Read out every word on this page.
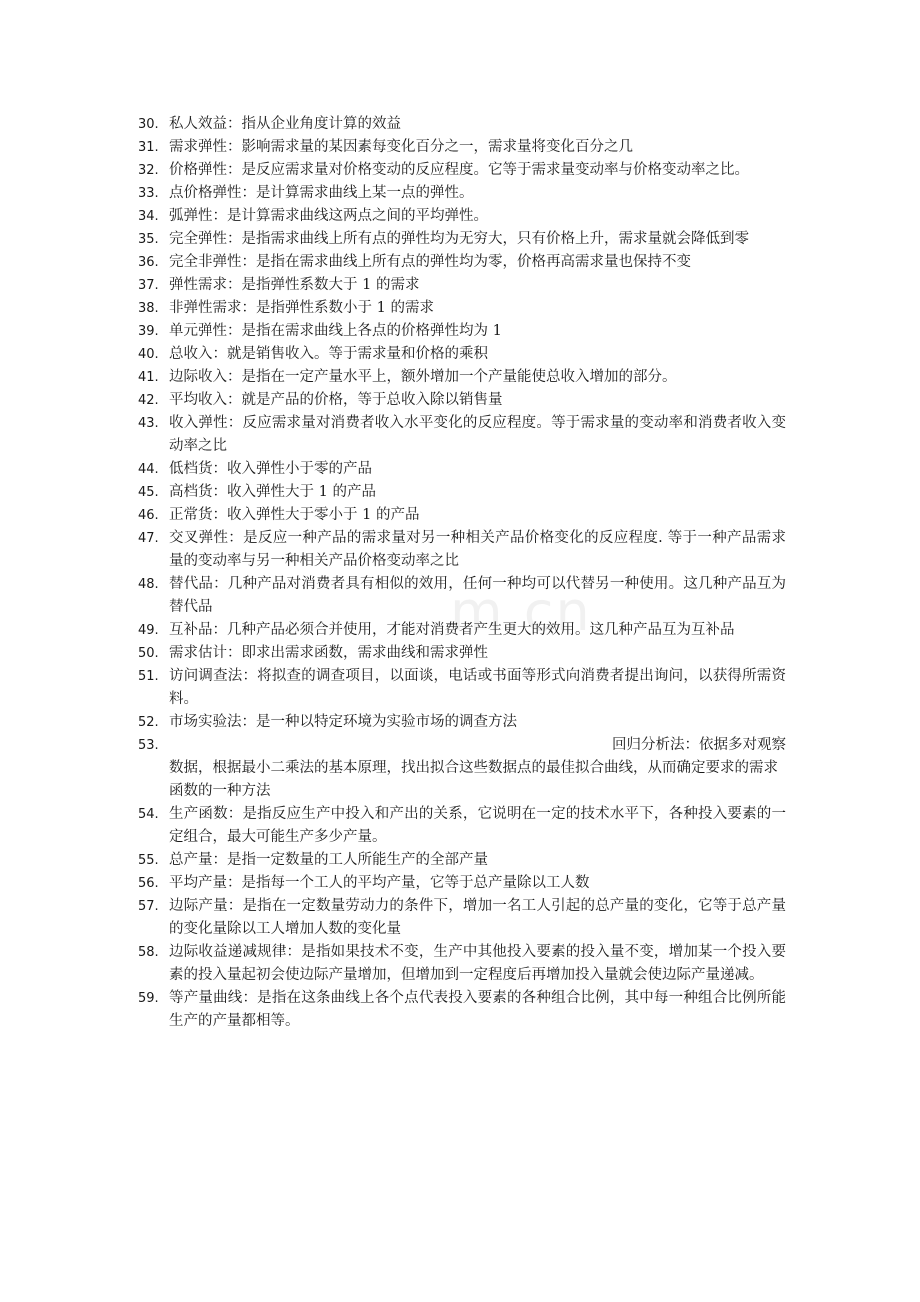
m.cn
30. 私人效益：指从企业角度计算的效益
31. 需求弹性：影响需求量的某因素每变化百分之一，需求量将变化百分之几
32. 价格弹性：是反应需求量对价格变动的反应程度。它等于需求量变动率与价格变动率之比。
33. 点价格弹性：是计算需求曲线上某一点的弹性。
34. 弧弹性：是计算需求曲线这两点之间的平均弹性。
35. 完全弹性：是指需求曲线上所有点的弹性均为无穷大，只有价格上升，需求量就会降低到零
36. 完全非弹性：是指在需求曲线上所有点的弹性均为零，价格再高需求量也保持不变
37. 弹性需求：是指弹性系数大于 1 的需求
38. 非弹性需求：是指弹性系数小于 1 的需求
39. 单元弹性：是指在需求曲线上各点的价格弹性均为 1
40. 总收入：就是销售收入。等于需求量和价格的乘积
41. 边际收入：是指在一定产量水平上，额外增加一个产量能使总收入增加的部分。
42. 平均收入：就是产品的价格，等于总收入除以销售量
43. 收入弹性：反应需求量对消费者收入水平变化的反应程度。等于需求量的变动率和消费者收入变动率之比
44. 低档货：收入弹性小于零的产品
45. 高档货：收入弹性大于 1 的产品
46. 正常货：收入弹性大于零小于 1 的产品
47. 交叉弹性：是反应一种产品的需求量对另一种相关产品价格变化的反应程度. 等于一种产品需求量的变动率与另一种相关产品价格变动率之比
48. 替代品：几种产品对消费者具有相似的效用，任何一种均可以代替另一种使用。这几种产品互为替代品
49. 互补品：几种产品必须合并使用，才能对消费者产生更大的效用。这几种产品互为互补品
50. 需求估计：即求出需求函数，需求曲线和需求弹性
51. 访问调查法：将拟查的调查项目，以面谈，电话或书面等形式向消费者提出询问，以获得所需资料。
52. 市场实验法：是一种以特定环境为实验市场的调查方法
53.	回归分析法：依据多对观察
数据，根据最小二乘法的基本原理，找出拟合这些数据点的最佳拟合曲线，从而确定要求的需求函数的一种方法
54. 生产函数：是指反应生产中投入和产出的关系，它说明在一定的技术水平下，各种投入要素的一定组合，最大可能生产多少产量。
55. 总产量：是指一定数量的工人所能生产的全部产量
56. 平均产量：是指每一个工人的平均产量，它等于总产量除以工人数
57. 边际产量：是指在一定数量劳动力的条件下，增加一名工人引起的总产量的变化，它等于总产量的变化量除以工人增加人数的变化量
58. 边际收益递减规律：是指如果技术不变，生产中其他投入要素的投入量不变，增加某一个投入要素的投入量起初会使边际产量增加，但增加到一定程度后再增加投入量就会使边际产量递减。
59. 等产量曲线：是指在这条曲线上各个点代表投入要素的各种组合比例，其中每一种组合比例所能生产的产量都相等。
